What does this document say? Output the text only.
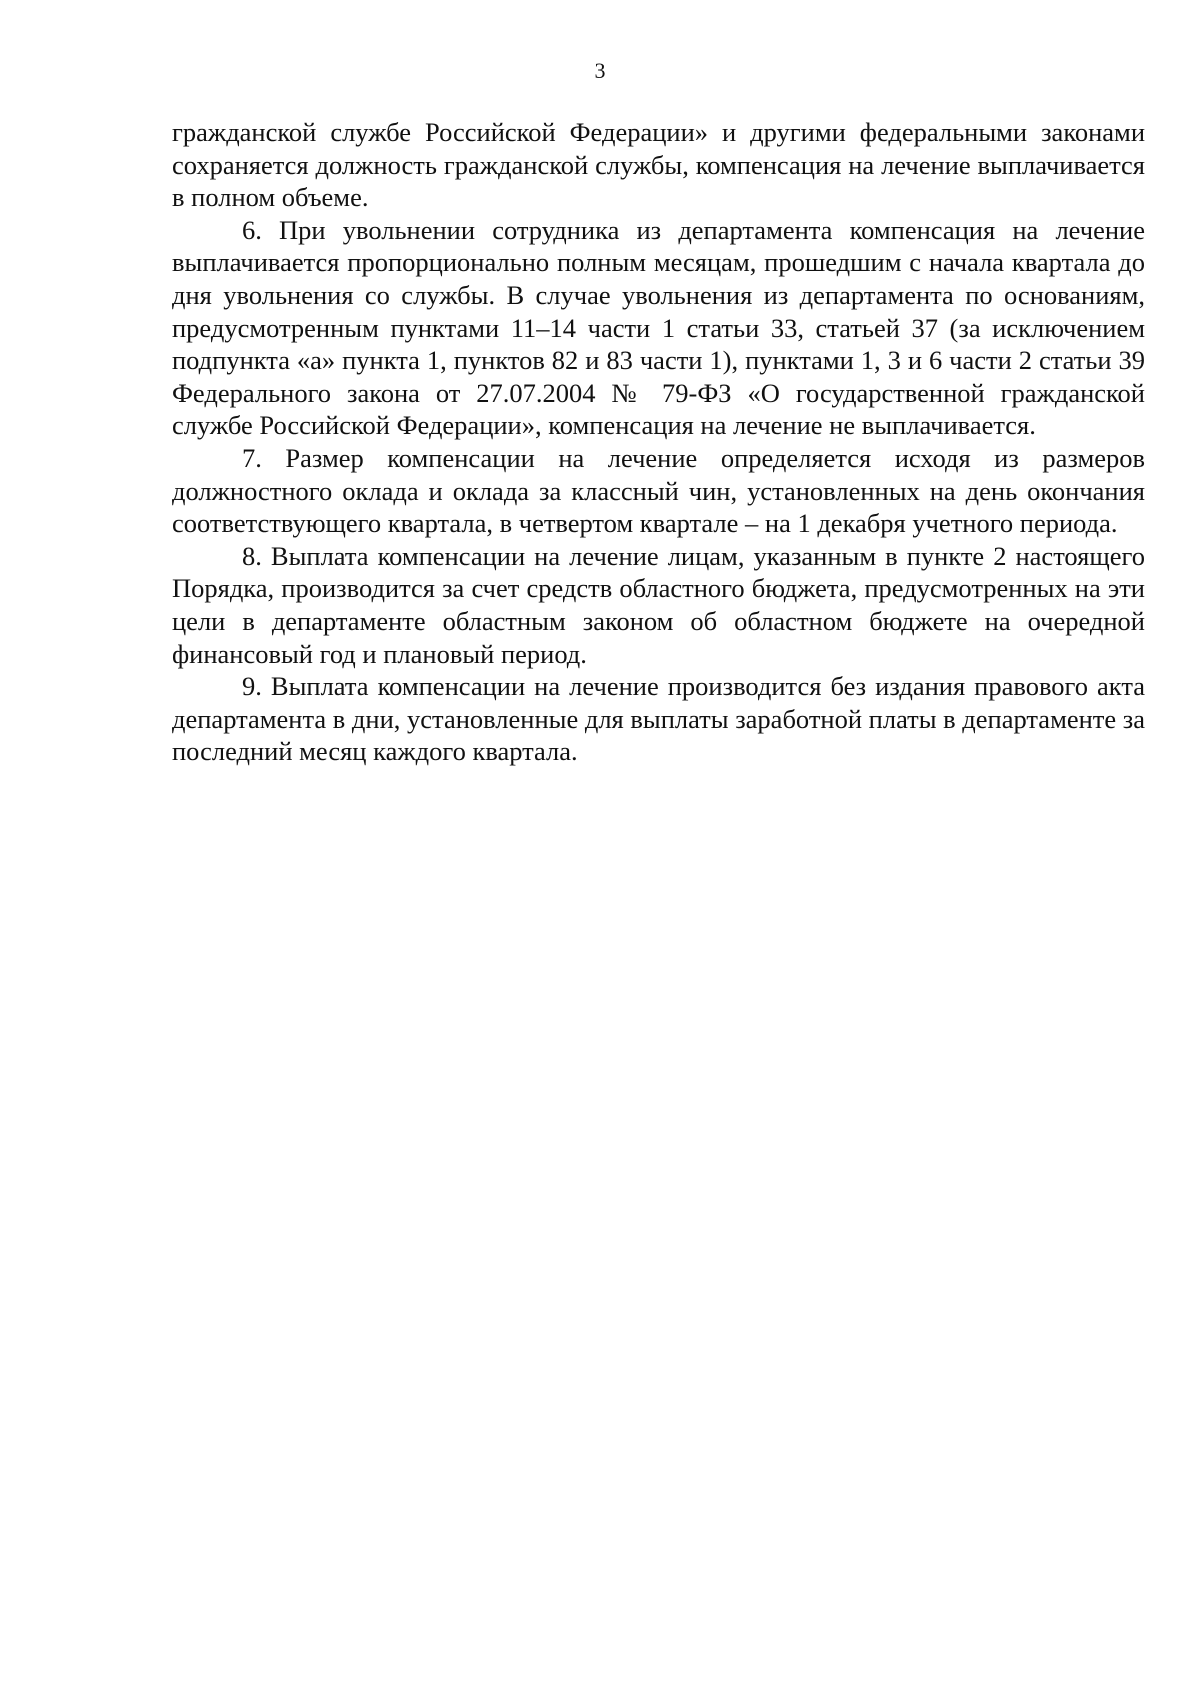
3

гражданской службе Российской Федерации» и другими федеральными законами сохраняется должность гражданской службы, компенсация на лечение выплачивается в полном объеме.

6. При увольнении сотрудника из департамента компенсация на лечение выплачивается пропорционально полным месяцам, прошедшим с начала квартала до дня увольнения со службы. В случае увольнения из департамента по основаниям, предусмотренным пунктами 11–14 части 1 статьи 33, статьей 37 (за исключением подпункта «а» пункта 1, пунктов 82 и 83 части 1), пунктами 1, 3 и 6 части 2 статьи 39 Федерального закона от 27.07.2004 № 79-ФЗ «О государственной гражданской службе Российской Федерации», компенсация на лечение не выплачивается.

7. Размер компенсации на лечение определяется исходя из размеров должностного оклада и оклада за классный чин, установленных на день окончания соответствующего квартала, в четвертом квартале – на 1 декабря учетного периода.

8. Выплата компенсации на лечение лицам, указанным в пункте 2 настоящего Порядка, производится за счет средств областного бюджета, предусмотренных на эти цели в департаменте областным законом об областном бюджете на очередной финансовый год и плановый период.

9. Выплата компенсации на лечение производится без издания правового акта департамента в дни, установленные для выплаты заработной платы в департаменте за последний месяц каждого квартала.
